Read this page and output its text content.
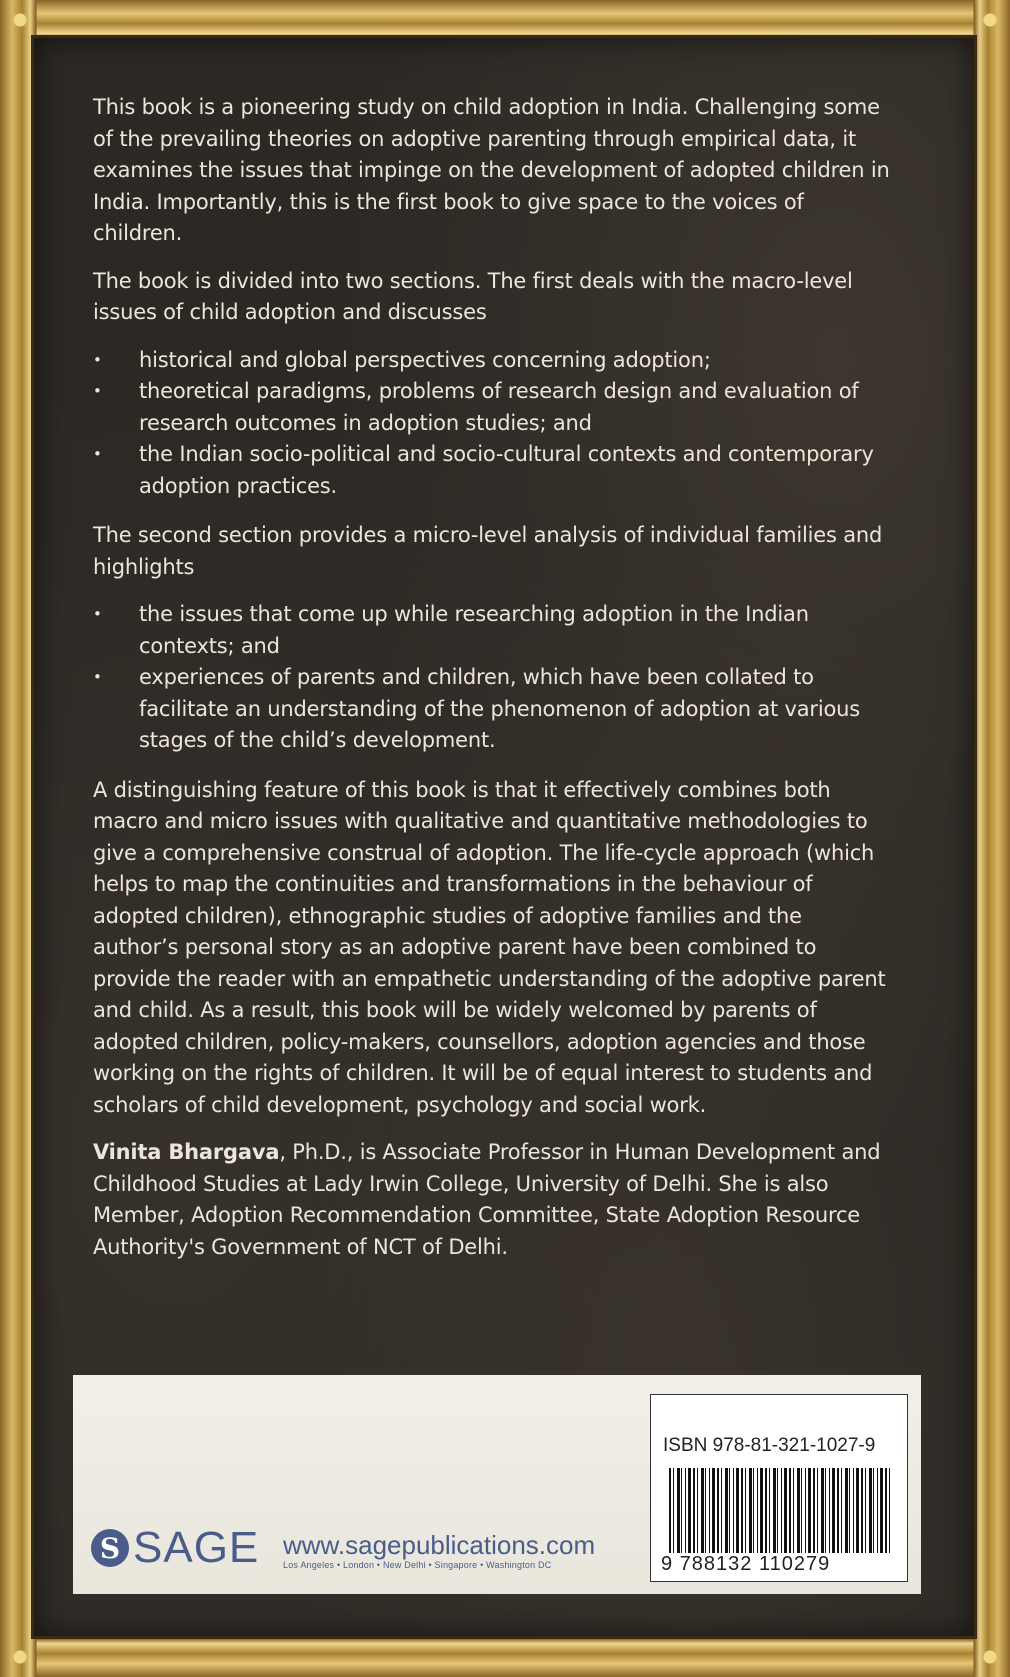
This book is a pioneering study on child adoption in India. Challenging some of the prevailing theories on adoptive parenting through empirical data, it examines the issues that impinge on the development of adopted children in India. Importantly, this is the first book to give space to the voices of children.

The book is divided into two sections. The first deals with the macro-level issues of child adoption and discusses

• historical and global perspectives concerning adoption;
• theoretical paradigms, problems of research design and evaluation of research outcomes in adoption studies; and
• the Indian socio-political and socio-cultural contexts and contemporary adoption practices.

The second section provides a micro-level analysis of individual families and highlights

• the issues that come up while researching adoption in the Indian contexts; and
• experiences of parents and children, which have been collated to facilitate an understanding of the phenomenon of adoption at various stages of the child’s development.

A distinguishing feature of this book is that it effectively combines both macro and micro issues with qualitative and quantitative methodologies to give a comprehensive construal of adoption. The life-cycle approach (which helps to map the continuities and transformations in the behaviour of adopted children), ethnographic studies of adoptive families and the author’s personal story as an adoptive parent have been combined to provide the reader with an empathetic understanding of the adoptive parent and child. As a result, this book will be widely welcomed by parents of adopted children, policy-makers, counsellors, adoption agencies and those working on the rights of children. It will be of equal interest to students and scholars of child development, psychology and social work.

Vinita Bhargava, Ph.D., is Associate Professor in Human Development and Childhood Studies at Lady Irwin College, University of Delhi. She is also Member, Adoption Recommendation Committee, State Adoption Resource Authority's Government of NCT of Delhi.

S SAGE www.sagepublications.com
Los Angeles • London • New Delhi • Singapore • Washington DC
ISBN 978-81-321-1027-9
9 788132 110279
